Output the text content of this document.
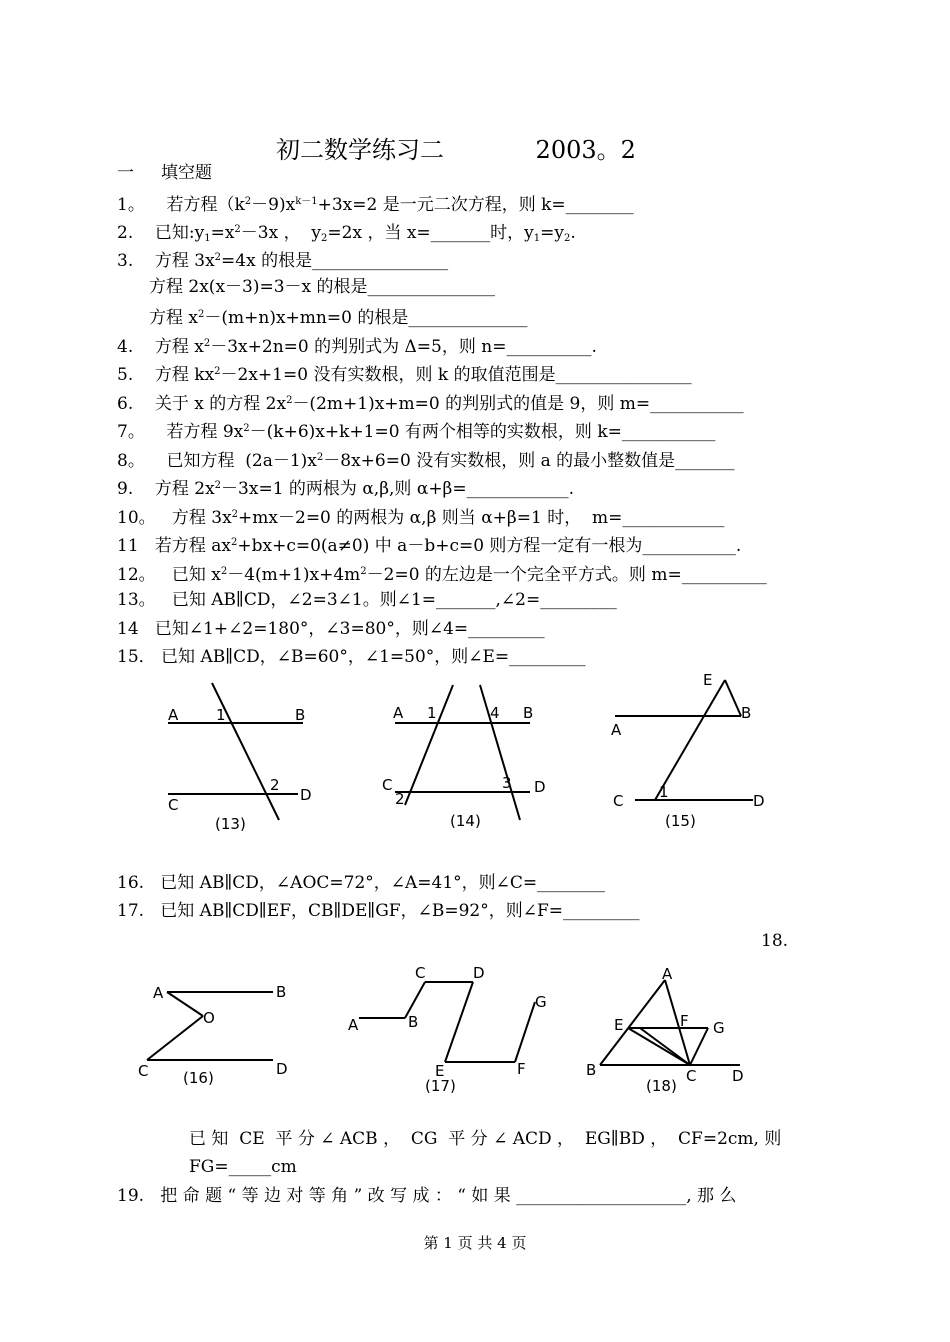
初二数学练习二	2003。2
一 填空题
1。 若方程$(k^2-9)x^{k-1}+3x=2$ 是一元二次方程，则 k=________
2. 已知$:y_1=x^2-3x$ ，  $y_2=2x$ ，当 x=_______时，$y_1=y_2$.
3. 方程 $3x^2=4x$ 的根是________________
方程 2x(x－3)=3－x 的根是_______________
方程 $x^2-(m+n)x+mn=0$ 的根是______________
4. 方程 $x^2-3x+2n=0$ 的判别式为 Δ=5，则 n=__________.
5. 方程 $kx^2-2x+1=0$ 没有实数根，则 k 的取值范围是________________
6. 关于 x 的方程 $2x^2-(2m+1)x+m=0$ 的判别式的值是 9，则 m=___________
7。 若方程 $9x^2-(k+6)x+k+1=0$ 有两个相等的实数根，则 k=___________
8。 已知方程  $(2a-1)x^2-8x+6=0$ 没有实数根，则 a 的最小整数值是_______
9. 方程 $2x^2-3x=1$ 的两根为 α,β,则 α+β=____________.
10。 方程 $3x^2+mx-2=0$ 的两根为 α,β 则当 α+β=1 时，  m=____________
11 若方程 $ax^2+bx+c=0(a\ne 0)$ 中 a－b+c=0 则方程一定有一根为___________.
12。 已知 $x^2-4(m+1)x+4m^2-2=0$ 的左边是一个完全平方式。则 m=__________
13。 已知 AB∥CD，∠2=3∠1。则∠1=_______,∠2=_________
14 已知∠1+∠2=180°，∠3=80°，则∠4=_________
15． 已知 AB∥CD，∠B=60°，∠1=50°，则∠E=_________
A	B
C
D
1
2
(13)
A	B
C	D
1
2
3
4
(14)
E
A
B
C	D
1
(15)
16. 已知 AB∥CD，∠AOC=72°，∠A=41°，则∠C=________
17. 已知 AB∥CD∥EF，CB∥DE∥GF，∠B=92°，则∠F=_________
18.
A	B
O
C	D
(16)
A	B
C	D
E	F
G
(17)
A
B	C D
E	F G
(18)
已 知  CE  平 分 ∠ ACB ，  CG  平 分 ∠ ACD ，  EG∥BD ，  CF=2cm, 则
FG=_____cm
19. 把 命 题 “ 等 边 对 等 角 ” 改 写 成 ： “ 如 果 ____________________, 那 么
第 1 页 共 4 页
